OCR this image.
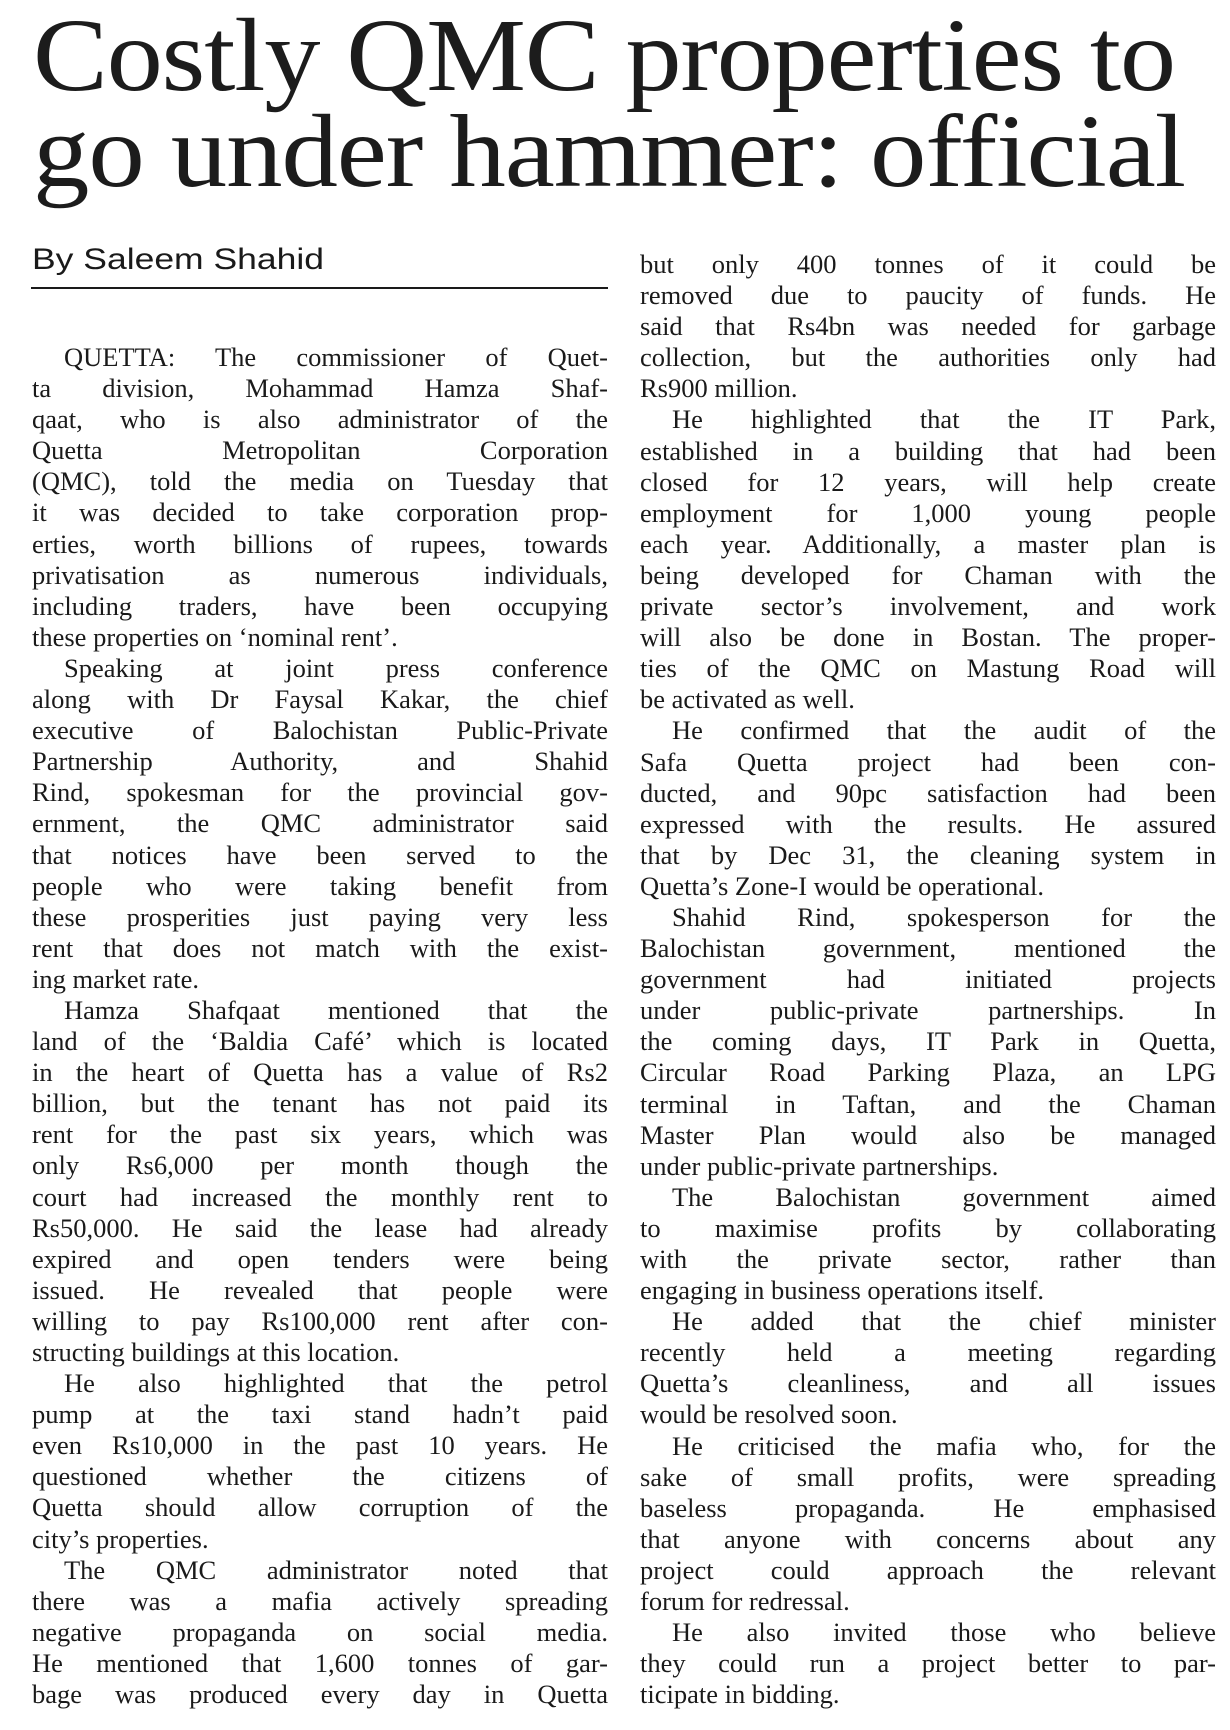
Costly QMC properties to
go under hammer: official
By Saleem Shahid
QUETTA: The commissioner of Quet-
ta division, Mohammad Hamza Shaf-
qaat, who is also administrator of the
Quetta Metropolitan Corporation
(QMC), told the media on Tuesday that
it was decided to take corporation prop-
erties, worth billions of rupees, towards
privatisation as numerous individuals,
including traders, have been occupying
these properties on ‘nominal rent’.
Speaking at joint press conference
along with Dr Faysal Kakar, the chief
executive of Balochistan Public-Private
Partnership Authority, and Shahid
Rind, spokesman for the provincial gov-
ernment, the QMC administrator said
that notices have been served to the
people who were taking benefit from
these prosperities just paying very less
rent that does not match with the exist-
ing market rate.
Hamza Shafqaat mentioned that the
land of the ‘Baldia Café’ which is located
in the heart of Quetta has a value of Rs2
billion, but the tenant has not paid its
rent for the past six years, which was
only Rs6,000 per month though the
court had increased the monthly rent to
Rs50,000. He said the lease had already
expired and open tenders were being
issued. He revealed that people were
willing to pay Rs100,000 rent after con-
structing buildings at this location.
He also highlighted that the petrol
pump at the taxi stand hadn’t paid
even Rs10,000 in the past 10 years. He
questioned whether the citizens of
Quetta should allow corruption of the
city’s properties.
The QMC administrator noted that
there was a mafia actively spreading
negative propaganda on social media.
He mentioned that 1,600 tonnes of gar-
bage was produced every day in Quetta
but only 400 tonnes of it could be
removed due to paucity of funds. He
said that Rs4bn was needed for garbage
collection, but the authorities only had
Rs900 million.
He highlighted that the IT Park,
established in a building that had been
closed for 12 years, will help create
employment for 1,000 young people
each year. Additionally, a master plan is
being developed for Chaman with the
private sector’s involvement, and work
will also be done in Bostan. The proper-
ties of the QMC on Mastung Road will
be activated as well.
He confirmed that the audit of the
Safa Quetta project had been con-
ducted, and 90pc satisfaction had been
expressed with the results. He assured
that by Dec 31, the cleaning system in
Quetta’s Zone-I would be operational.
Shahid Rind, spokesperson for the
Balochistan government, mentioned the
government had initiated projects
under public-private partnerships. In
the coming days, IT Park in Quetta,
Circular Road Parking Plaza, an LPG
terminal in Taftan, and the Chaman
Master Plan would also be managed
under public-private partnerships.
The Balochistan government aimed
to maximise profits by collaborating
with the private sector, rather than
engaging in business operations itself.
He added that the chief minister
recently held a meeting regarding
Quetta’s cleanliness, and all issues
would be resolved soon.
He criticised the mafia who, for the
sake of small profits, were spreading
baseless propaganda. He emphasised
that anyone with concerns about any
project could approach the relevant
forum for redressal.
He also invited those who believe
they could run a project better to par-
ticipate in bidding.
